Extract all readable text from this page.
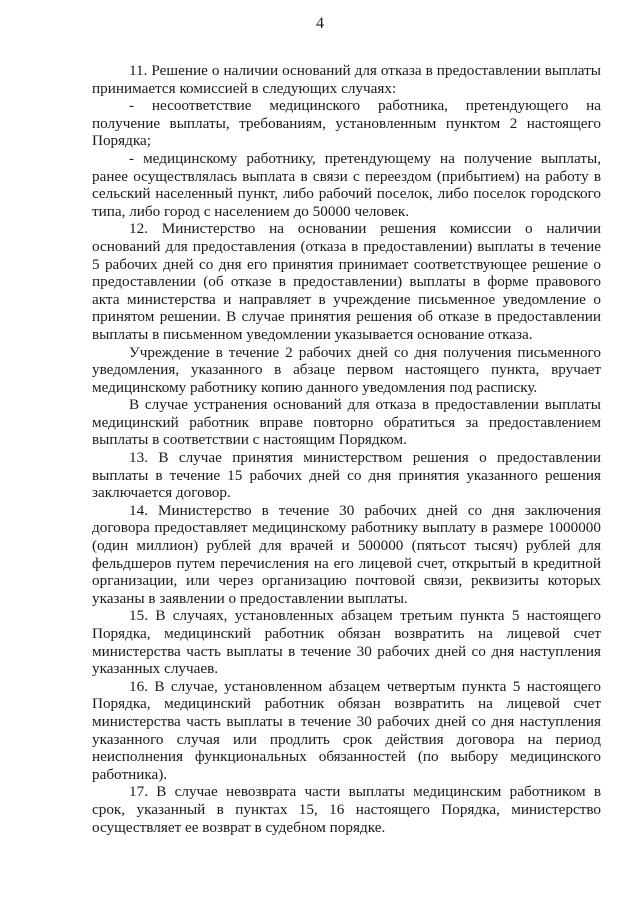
4

11. Решение о наличии оснований для отказа в предоставлении выплаты принимается комиссией в следующих случаях:

- несоответствие медицинского работника, претендующего на получение выплаты, требованиям, установленным пунктом 2 настоящего Порядка;

- медицинскому работнику, претендующему на получение выплаты, ранее осуществлялась выплата в связи с переездом (прибытием) на работу в сельский населенный пункт, либо рабочий поселок, либо поселок городского типа, либо город с населением до 50000 человек.

12. Министерство на основании решения комиссии о наличии оснований для предоставления (отказа в предоставлении) выплаты в течение 5 рабочих дней со дня его принятия принимает соответствующее решение о предоставлении (об отказе в предоставлении) выплаты в форме правового акта министерства и направляет в учреждение письменное уведомление о принятом решении. В случае принятия решения об отказе в предоставлении выплаты в письменном уведомлении указывается основание отказа.

Учреждение в течение 2 рабочих дней со дня получения письменного уведомления, указанного в абзаце первом настоящего пункта, вручает медицинскому работнику копию данного уведомления под расписку.

В случае устранения оснований для отказа в предоставлении выплаты медицинский работник вправе повторно обратиться за предоставлением выплаты в соответствии с настоящим Порядком.

13. В случае принятия министерством решения о предоставлении выплаты в течение 15 рабочих дней со дня принятия указанного решения заключается договор.

14. Министерство в течение 30 рабочих дней со дня заключения договора предоставляет медицинскому работнику выплату в размере 1000000 (один миллион) рублей для врачей и 500000 (пятьсот тысяч) рублей для фельдшеров путем перечисления на его лицевой счет, открытый в кредитной организации, или через организацию почтовой связи, реквизиты которых указаны в заявлении о предоставлении выплаты.

15. В случаях, установленных абзацем третьим пункта 5 настоящего Порядка, медицинский работник обязан возвратить на лицевой счет министерства часть выплаты в течение 30 рабочих дней со дня наступления указанных случаев.

16. В случае, установленном абзацем четвертым пункта 5 настоящего Порядка, медицинский работник обязан возвратить на лицевой счет министерства часть выплаты в течение 30 рабочих дней со дня наступления указанного случая или продлить срок действия договора на период неисполнения функциональных обязанностей (по выбору медицинского работника).

17. В случае невозврата части выплаты медицинским работником в срок, указанный в пунктах 15, 16 настоящего Порядка, министерство осуществляет ее возврат в судебном порядке.
